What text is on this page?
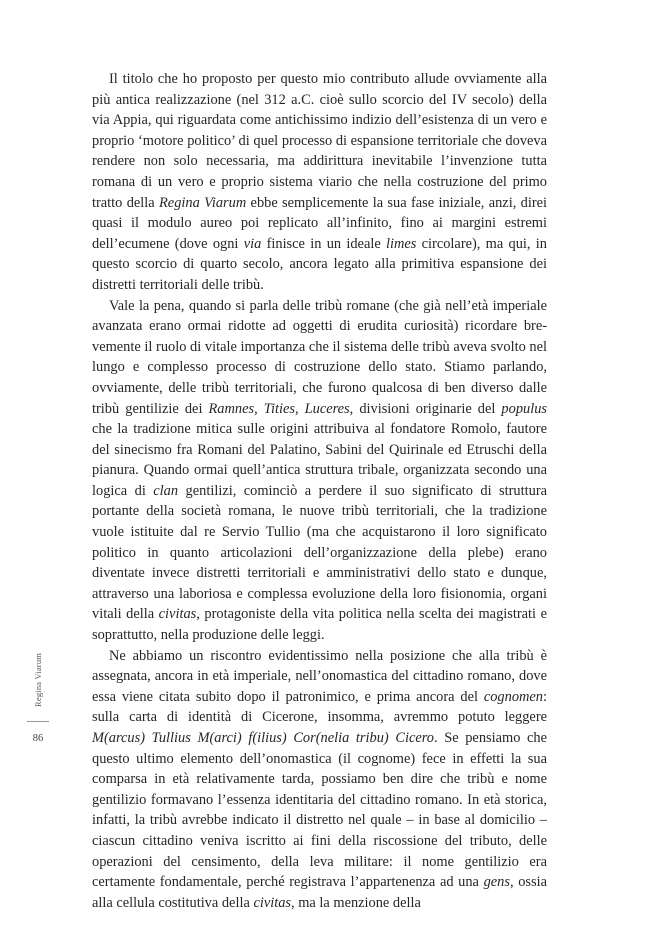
Regina Viarum
86

Il titolo che ho proposto per questo mio contributo allude ovviamente alla più antica realizzazione (nel 312 a.C. cioè sullo scorcio del IV secolo) della via Appia, qui riguardata come antichissimo indizio dell’esistenza di un vero e proprio ‘motore politico’ di quel processo di espansione territoriale che doveva rendere non solo necessaria, ma addirittura inevitabile l’invenzione tutta romana di un vero e proprio sistema viario che nella costruzione del primo tratto della Regina Viarum ebbe semplicemente la sua fase iniziale, anzi, direi quasi il modulo aureo poi replicato all’infinito, fino ai margini estremi dell’ecumene (dove ogni via finisce in un ideale limes circolare), ma qui, in questo scorcio di quarto secolo, ancora legato alla primitiva espansione dei distretti territoriali delle tribù.

Vale la pena, quando si parla delle tribù romane (che già nell’età imperiale avanzata erano ormai ridotte ad oggetti di erudita curiosità) ricordare brevemente il ruolo di vitale importanza che il sistema delle tribù aveva svolto nel lungo e complesso processo di costruzione dello stato. Stiamo parlando, ovviamente, delle tribù territoriali, che furono qualcosa di ben diverso dalle tribù gentilizie dei Ramnes, Tities, Luceres, divisioni originarie del populus che la tradizione mitica sulle origini attribuiva al fondatore Romolo, fautore del sinecismo fra Romani del Palatino, Sabini del Quirinale ed Etruschi della pianura. Quando ormai quell’antica struttura tribale, organizzata secondo una logica di clan gentilizi, cominciò a perdere il suo significato di struttura portante della società romana, le nuove tribù territoriali, che la tradizione vuole istituite dal re Servio Tullio (ma che acquistarono il loro significato politico in quanto articolazioni dell’organizzazione della plebe) erano diventate invece distretti territoriali e amministrativi dello stato e dunque, attraverso una laboriosa e complessa evoluzione della loro fisionomia, organi vitali della civitas, protagoniste della vita politica nella scelta dei magistrati e soprattutto, nella produzione delle leggi.

Ne abbiamo un riscontro evidentissimo nella posizione che alla tribù è assegnata, ancora in età imperiale, nell’onomastica del cittadino romano, dove essa viene citata subito dopo il patronimico, e prima ancora del cognomen: sulla carta di identità di Cicerone, insomma, avremmo potuto leggere M(arcus) Tullius M(arci) f(ilius) Cor(nelia tribu) Cicero. Se pensiamo che questo ultimo elemento dell’onomastica (il cognome) fece in effetti la sua comparsa in età relativamente tarda, possiamo ben dire che tribù e nome gentilizio formavano l’essenza identitaria del cittadino romano. In età storica, infatti, la tribù avrebbe indicato il distretto nel quale – in base al domicilio – ciascun cittadino veniva iscritto ai fini della riscossione del tributo, delle operazioni del censimento, della leva militare: il nome gentilizio era certamente fondamentale, perché registrava l’appartenenza ad una gens, ossia alla cellula costitutiva della civitas, ma la menzione della
